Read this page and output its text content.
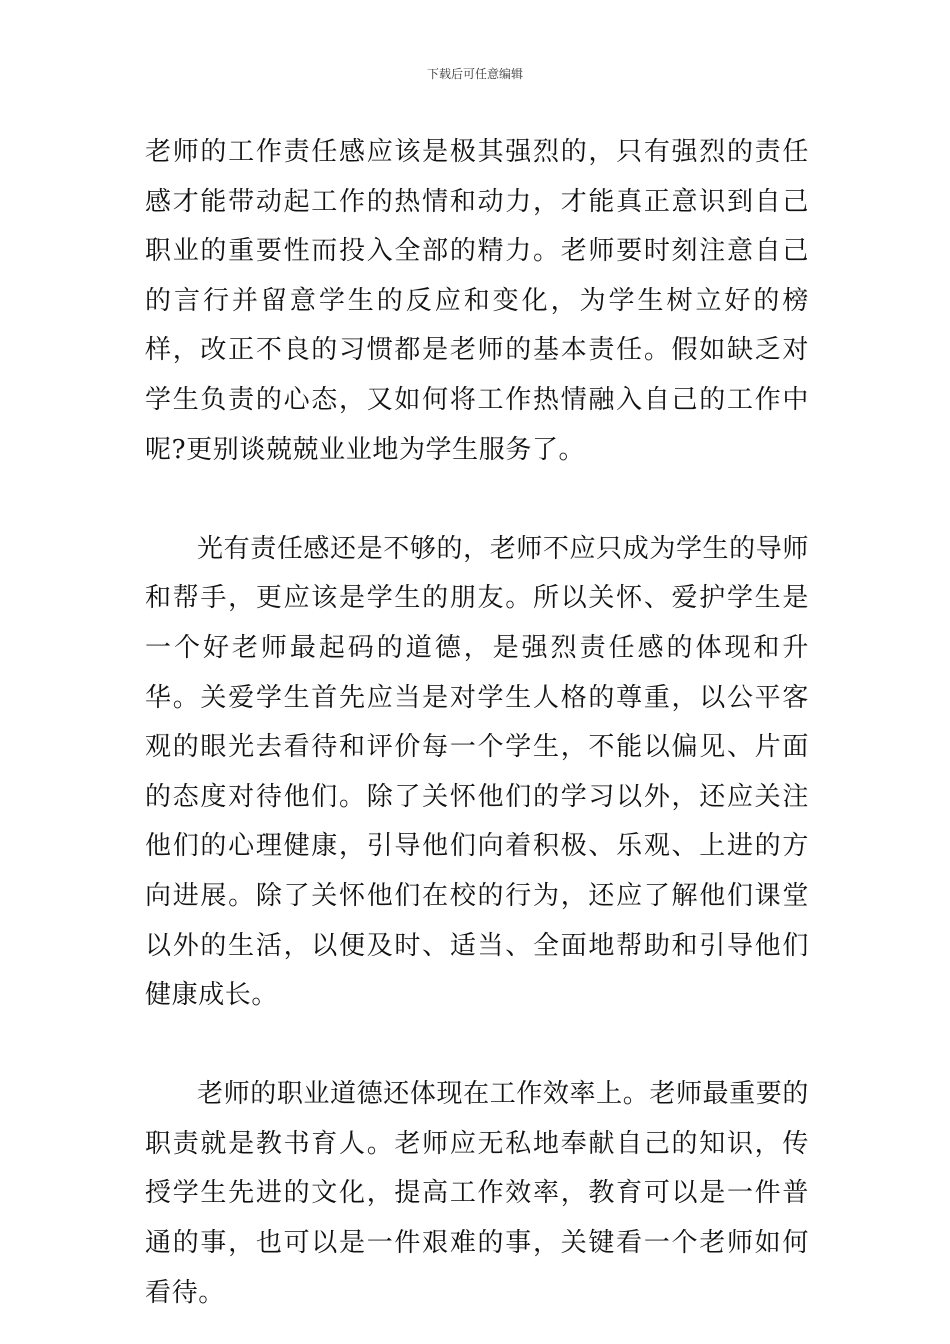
下载后可任意编辑

老师的工作责任感应该是极其强烈的，只有强烈的责任感才能带动起工作的热情和动力，才能真正意识到自己职业的重要性而投入全部的精力。老师要时刻注意自己的言行并留意学生的反应和变化，为学生树立好的榜样，改正不良的习惯都是老师的基本责任。假如缺乏对学生负责的心态，又如何将工作热情融入自己的工作中呢?更别谈兢兢业业地为学生服务了。

光有责任感还是不够的，老师不应只成为学生的导师和帮手，更应该是学生的朋友。所以关怀、爱护学生是一个好老师最起码的道德，是强烈责任感的体现和升华。关爱学生首先应当是对学生人格的尊重，以公平客观的眼光去看待和评价每一个学生，不能以偏见、片面的态度对待他们。除了关怀他们的学习以外，还应关注他们的心理健康，引导他们向着积极、乐观、上进的方向进展。除了关怀他们在校的行为，还应了解他们课堂以外的生活，以便及时、适当、全面地帮助和引导他们健康成长。

老师的职业道德还体现在工作效率上。老师最重要的职责就是教书育人。老师应无私地奉献自己的知识，传授学生先进的文化，提高工作效率，教育可以是一件普通的事，也可以是一件艰难的事，关键看一个老师如何看待。
